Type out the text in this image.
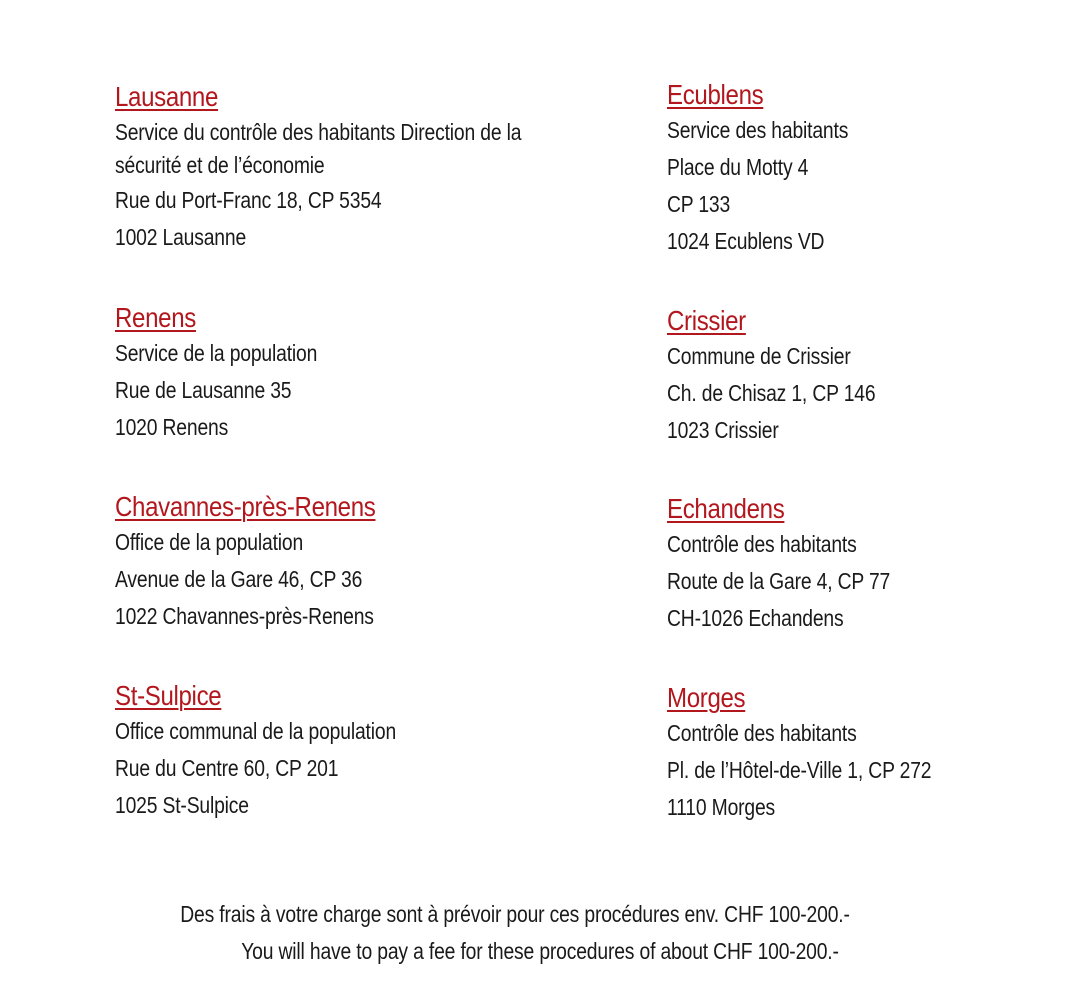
Lausanne
Service du contrôle des habitants Direction de la
sécurité et de l’économie
Rue du Port-Franc 18, CP 5354
1002 Lausanne
Renens
Service de la population
Rue de Lausanne 35
1020 Renens
Chavannes-près-Renens
Office de la population
Avenue de la Gare 46, CP 36
1022 Chavannes-près-Renens
St-Sulpice
Office communal de la population
Rue du Centre 60, CP 201
1025 St-Sulpice
Ecublens
Service des habitants
Place du Motty 4
CP 133
1024 Ecublens VD
Crissier
Commune de Crissier
Ch. de Chisaz 1, CP 146
1023 Crissier
Echandens
Contrôle des habitants
Route de la Gare 4, CP 77
CH-1026 Echandens
Morges
Contrôle des habitants
Pl. de l’Hôtel-de-Ville 1, CP 272
1110 Morges
Des frais à votre charge sont à prévoir pour ces procédures env. CHF 100-200.-
You will have to pay a fee for these procedures of about CHF 100-200.-
